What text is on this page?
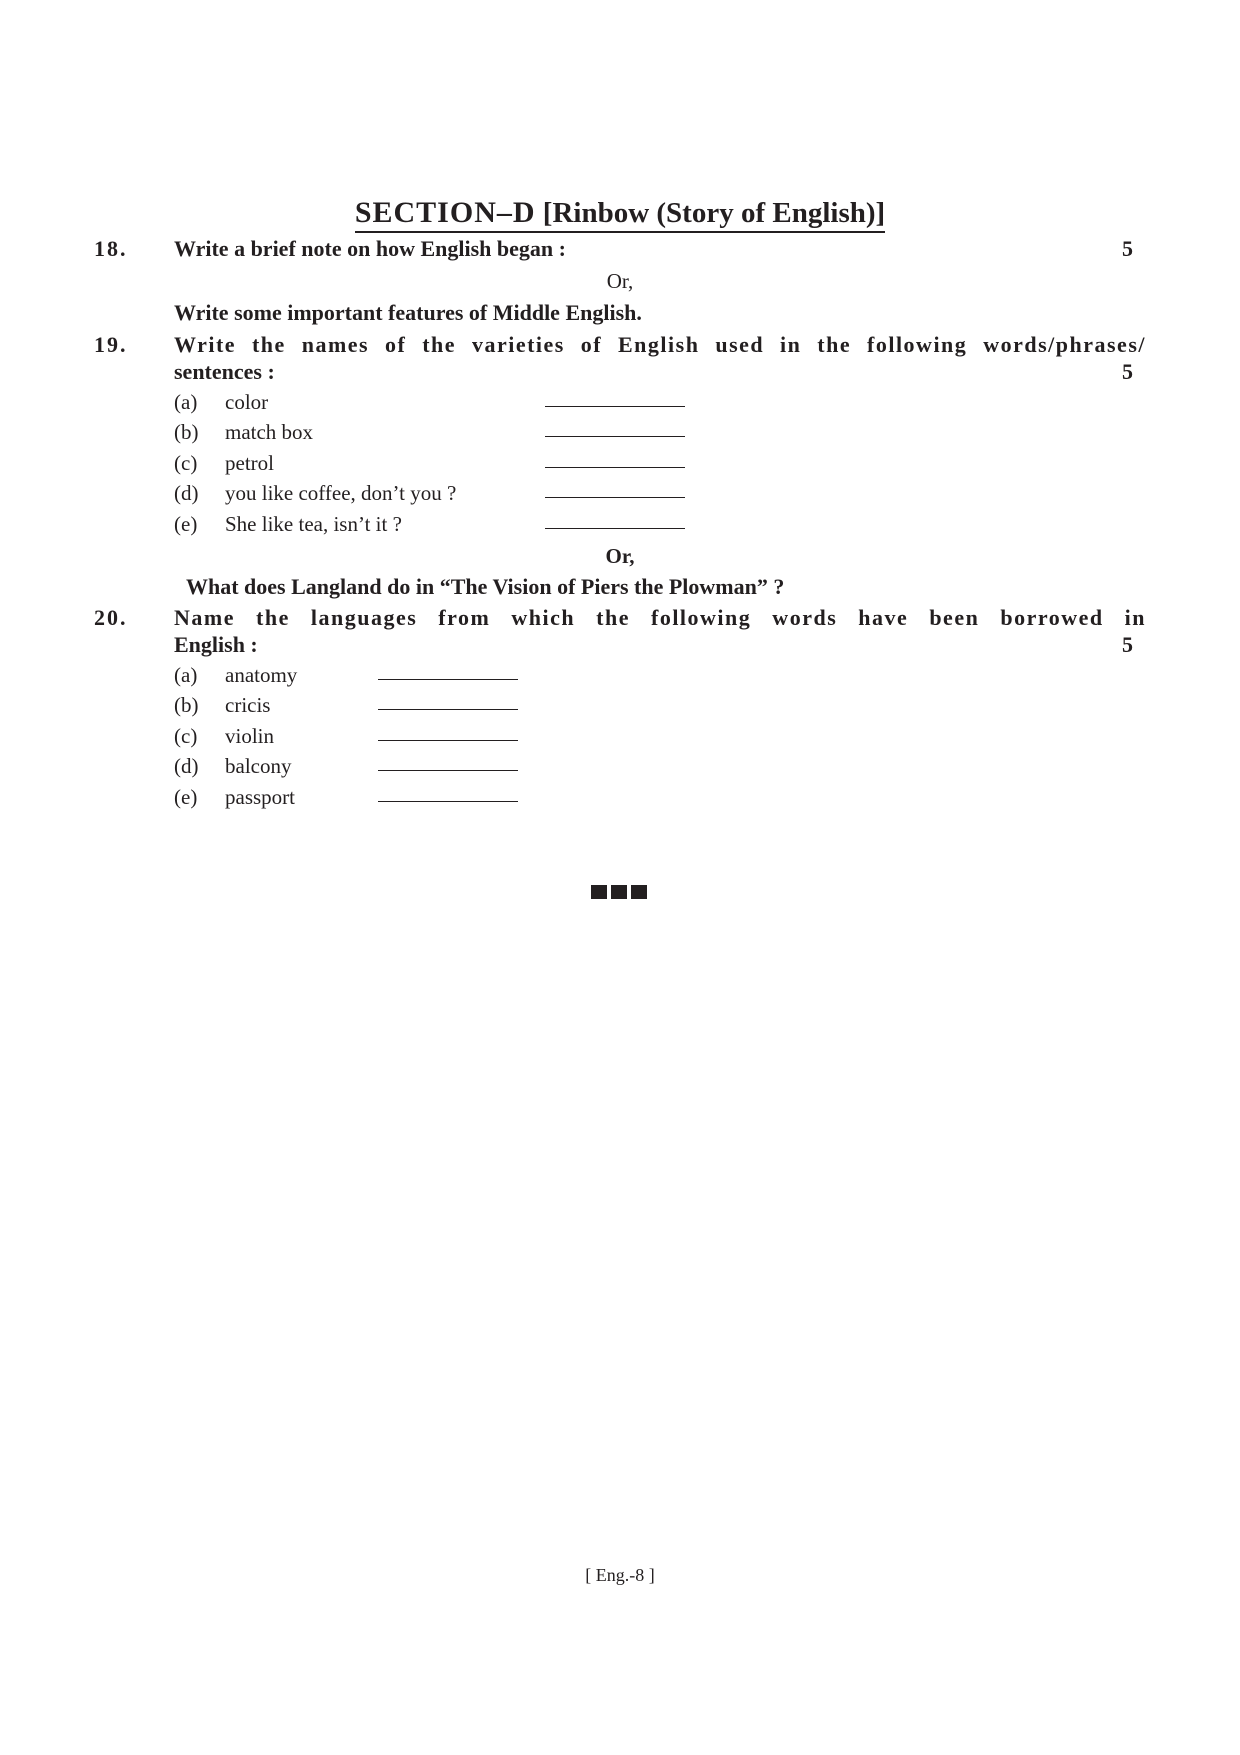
SECTION–D [Rinbow (Story of English)]
18. Write a brief note on how English began :	5
Or,
Write some important features of Middle English.
19. Write the names of the varieties of English used in the following words/phrases/
sentences :	5
(a) color
(b) match box
(c) petrol
(d) you like coffee, don’t you ?
(e) She like tea, isn’t it ?
Or,
What does Langland do in “The Vision of Piers the Plowman” ?
20. Name the languages from which the following words have been borrowed in
English :	5
(a) anatomy
(b) cricis
(c) violin
(d) balcony
(e) passport
[ Eng.-8 ]
